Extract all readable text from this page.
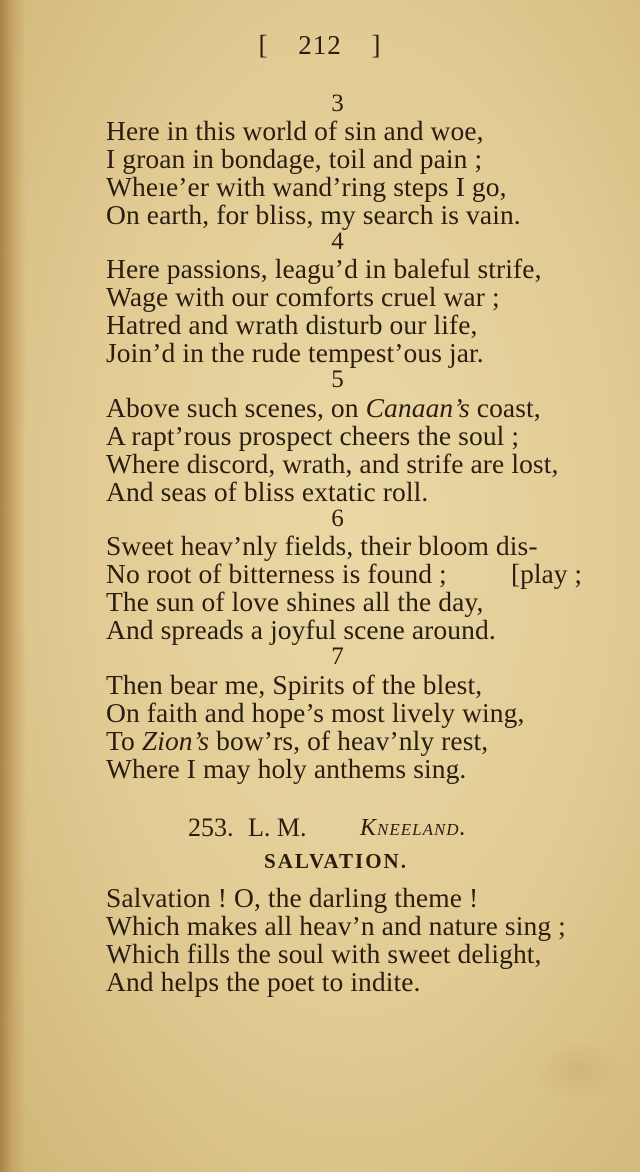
[ 212 ]
3
Here in this world of sin and woe,
I groan in bondage, toil and pain ;
Wheıe’er with wand’ring steps I go,
On earth, for bliss, my search is vain.
4
Here passions, leagu’d in baleful strife,
Wage with our comforts cruel war ;
Hatred and wrath disturb our life,
Join’d in the rude tempest’ous jar.
5
Above such scenes, on Canaan’s coast,
A rapt’rous prospect cheers the soul ;
Where discord, wrath, and strife are lost,
And seas of bliss extatic roll.
6
Sweet heav’nly fields, their bloom dis-
No root of bitterness is found ; [play ;
The sun of love shines all the day,
And spreads a joyful scene around.
7
Then bear me, Spirits of the blest,
On faith and hope’s most lively wing,
To Zion’s bow’rs, of heav’nly rest,
Where I may holy anthems sing.
253. L. M. Kneeland.
SALVATION.
Salvation ! O, the darling theme !
Which makes all heav’n and nature sing ;
Which fills the soul with sweet delight,
And helps the poet to indite.
